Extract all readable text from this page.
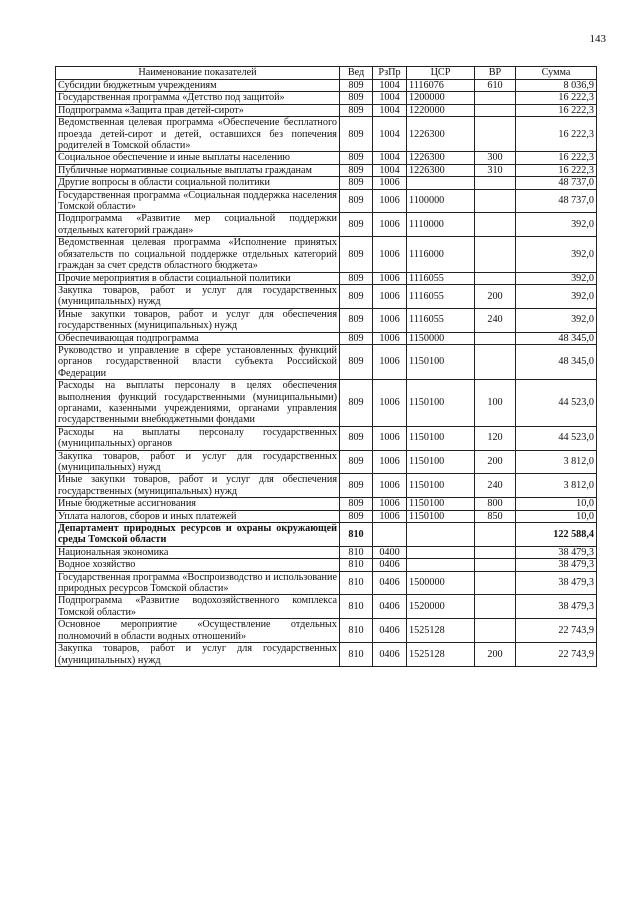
143
Наименование показателей	Вед	РзПр	ЦСР	ВР	Сумма
Субсидии бюджетным учреждениям	809	1004	1116076	610	8 036,9
Государственная программа «Детство под защитой»	809	1004	1200000		16 222,3
Подпрограмма «Защита прав детей-сирот»	809	1004	1220000		16 222,3
Ведомственная целевая программа «Обеспечение бесплатного проезда детей-сирот и детей, оставшихся без попечения родителей в Томской области»	809	1004	1226300		16 222,3
Социальное обеспечение и иные выплаты населению	809	1004	1226300	300	16 222,3
Публичные нормативные социальные выплаты гражданам	809	1004	1226300	310	16 222,3
Другие вопросы в области социальной политики	809	1006			48 737,0
Государственная программа «Социальная поддержка населения Томской области»	809	1006	1100000		48 737,0
Подпрограмма «Развитие мер социальной поддержки отдельных категорий граждан»	809	1006	1110000		392,0
Ведомственная целевая программа «Исполнение принятых обязательств по социальной поддержке отдельных категорий граждан за счет средств областного бюджета»	809	1006	1116000		392,0
Прочие мероприятия в области социальной политики	809	1006	1116055		392,0
Закупка товаров, работ и услуг для государственных (муниципальных) нужд	809	1006	1116055	200	392,0
Иные закупки товаров, работ и услуг для обеспечения государственных (муниципальных) нужд	809	1006	1116055	240	392,0
Обеспечивающая подпрограмма	809	1006	1150000		48 345,0
Руководство и управление в сфере установленных функций органов государственной власти субъекта Российской Федерации	809	1006	1150100		48 345,0
Расходы на выплаты персоналу в целях обеспечения выполнения функций государственными (муниципальными) органами, казенными учреждениями, органами управления государственными внебюджетными фондами	809	1006	1150100	100	44 523,0
Расходы на выплаты персоналу государственных (муниципальных) органов	809	1006	1150100	120	44 523,0
Закупка товаров, работ и услуг для государственных (муниципальных) нужд	809	1006	1150100	200	3 812,0
Иные закупки товаров, работ и услуг для обеспечения государственных (муниципальных) нужд	809	1006	1150100	240	3 812,0
Иные бюджетные ассигнования	809	1006	1150100	800	10,0
Уплата налогов, сборов и иных платежей	809	1006	1150100	850	10,0
Департамент природных ресурсов и охраны окружающей среды Томской области	810				122 588,4
Национальная экономика	810	0400			38 479,3
Водное хозяйство	810	0406			38 479,3
Государственная программа «Воспроизводство и использование природных ресурсов Томской области»	810	0406	1500000		38 479,3
Подпрограмма «Развитие водохозяйственного комплекса Томской области»	810	0406	1520000		38 479,3
Основное мероприятие «Осуществление отдельных полномочий в области водных отношений»	810	0406	1525128		22 743,9
Закупка товаров, работ и услуг для государственных (муниципальных) нужд	810	0406	1525128	200	22 743,9
